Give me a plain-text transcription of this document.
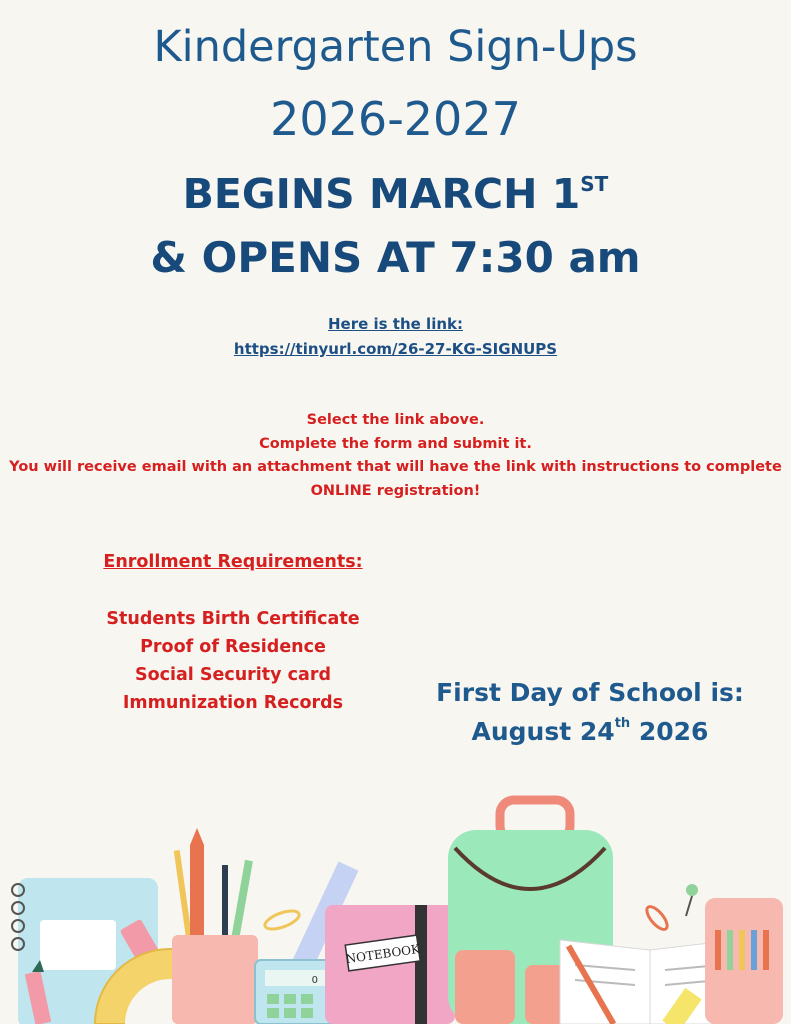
Kindergarten Sign-Ups
2026-2027
BEGINS MARCH 1ST
& OPENS AT 7:30 am
Here is the link:
https://tinyurl.com/26-27-KG-SIGNUPS
Select the link above.
Complete the form and submit it.
You will receive email with an attachment that will have the link with instructions to complete
ONLINE registration!
Enrollment Requirements:
Students Birth Certificate
Proof of Residence
Social Security card
Immunization Records	First Day of School is:
August 24th 2026
0
NOTEBOOK
